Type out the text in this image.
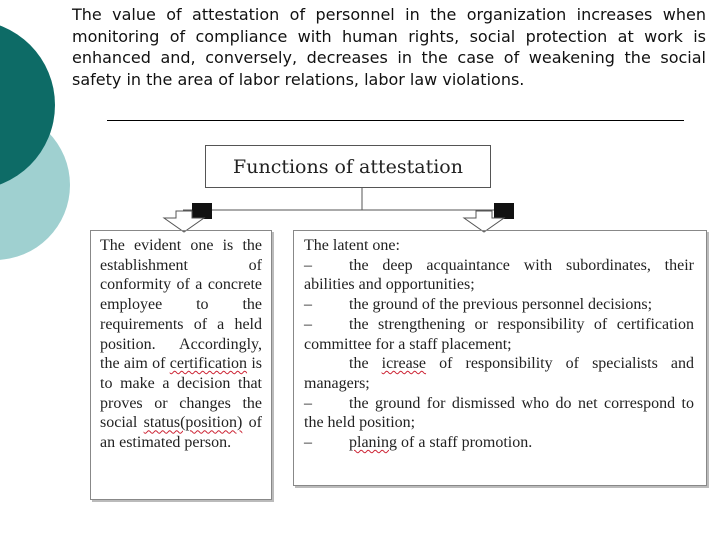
The value of attestation of personnel in the organization increases when monitoring of compliance with human rights, social protection at work is enhanced and, conversely, decreases in the case of weakening the social safety in the area of labor relations, labor law violations.
Functions of attestation
The evident one is the establishment of conformity of a concrete employee to the requirements of a held position. Accordingly, the aim of certification is to make a decision that proves or changes the social status(position) of an estimated person.

The latent one:

– the deep acquaintance with subordinates, their abilities and opportunities;

– the ground of the previous personnel decisions;

– the strengthening or responsibility of certification committee for a staff placement;

the icrease of responsibility of specialists and managers;

– the ground for dismissed who do net correspond to the held position;

– planing of a staff promotion.
